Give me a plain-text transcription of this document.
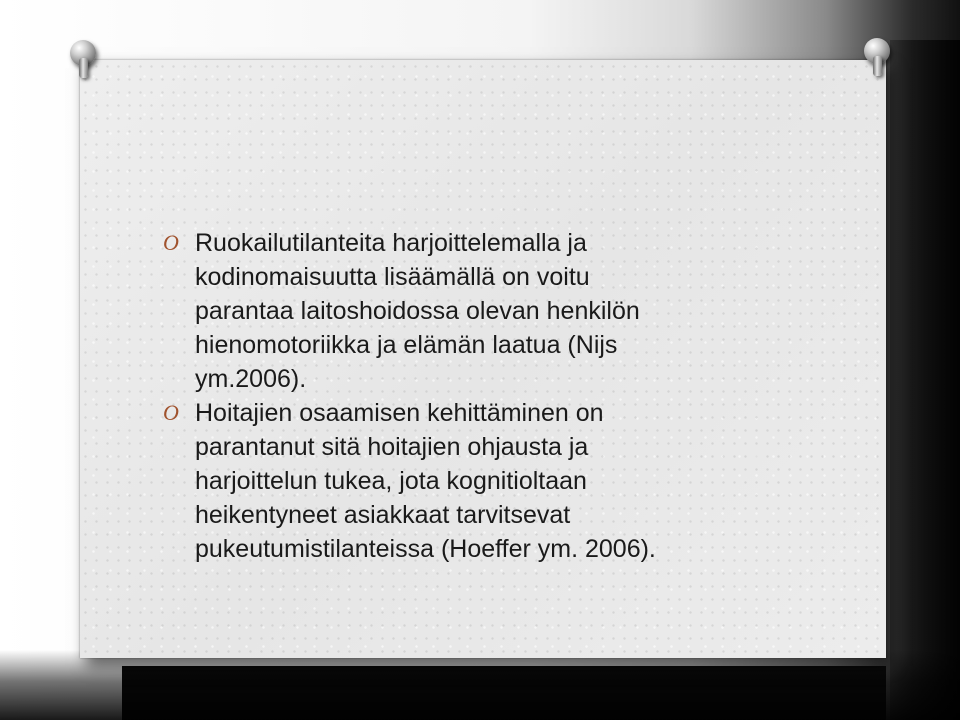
O Ruokailutilanteita harjoittelemalla ja
kodinomaisuutta lisäämällä on voitu
parantaa laitoshoidossa olevan henkilön
hienomotoriikka ja elämän laatua (Nijs
ym.2006).
O Hoitajien osaamisen kehittäminen on
parantanut sitä hoitajien ohjausta ja
harjoittelun tukea, jota kognitioltaan
heikentyneet asiakkaat tarvitsevat
pukeutumistilanteissa (Hoeffer ym. 2006).
